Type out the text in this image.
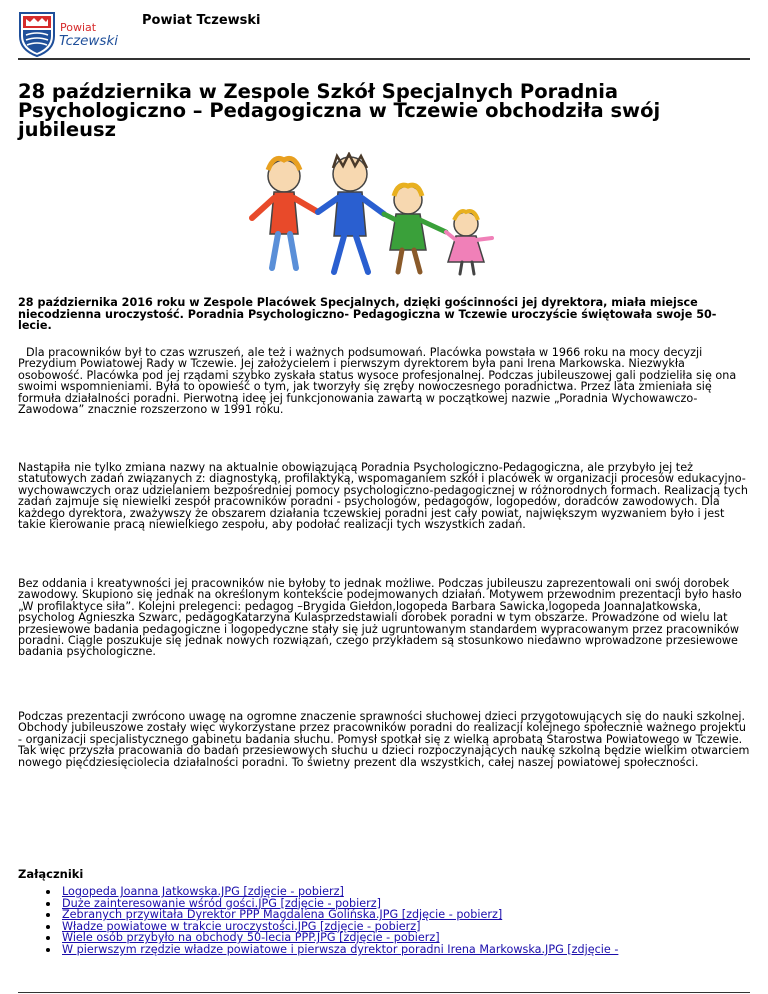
Powiat
Tczewski
Powiat Tczewski
28 października w Zespole Szkół Specjalnych Poradnia Psychologiczno – Pedagogiczna w Tczewie obchodziła swój jubileusz

28 października 2016 roku w Zespole Placówek Specjalnych, dzięki gościnności jej dyrektora, miała miejsce niecodzienna uroczystość. Poradnia Psychologiczno- Pedagogiczna w Tczewie uroczyście świętowała swoje 50-lecie.

Dla pracowników był to czas wzruszeń, ale też i ważnych podsumowań. Placówka powstała w 1966 roku na mocy decyzji Prezydium Powiatowej Rady w Tczewie. Jej założycielem i pierwszym dyrektorem była pani Irena Markowska. Niezwykła osobowość. Placówka pod jej rządami szybko zyskała status wysoce profesjonalnej. Podczas jubileuszowej gali podzieliła się ona swoimi wspomnieniami. Była to opowieść o tym, jak tworzyły się zręby nowoczesnego poradnictwa. Przez lata zmieniała się formuła działalności poradni. Pierwotną ideę jej funkcjonowania zawartą w początkowej nazwie „Poradnia Wychowawczo-Zawodowa” znacznie rozszerzono w 1991 roku.

Nastąpiła nie tylko zmiana nazwy na aktualnie obowiązującą Poradnia Psychologiczno-Pedagogiczna, ale przybyło jej też statutowych zadań związanych z: diagnostyką, profilaktyką, wspomaganiem szkół i placówek w organizacji procesów edukacyjno-wychowawczych oraz udzielaniem bezpośredniej pomocy psychologiczno-pedagogicznej w różnorodnych formach. Realizacją tych zadań zajmuje się niewielki zespół pracowników poradni - psychologów, pedagogów, logopedów, doradców zawodowych. Dla każdego dyrektora, zważywszy że obszarem działania tczewskiej poradni jest cały powiat, największym wyzwaniem było i jest takie kierowanie pracą niewielkiego zespołu, aby podołać realizacji tych wszystkich zadań.

Bez oddania i kreatywności jej pracowników nie byłoby to jednak możliwe. Podczas jubileuszu zaprezentowali oni swój dorobek zawodowy. Skupiono się jednak na określonym kontekście podejmowanych działań. Motywem przewodnim prezentacji było hasło „W profilaktyce siła”. Kolejni prelegenci: pedagog –Brygida Giełdon,logopeda Barbara Sawicka,logopeda JoannaJatkowska, psycholog Agnieszka Szwarc, pedagogKatarzyna Kulasprzedstawiali dorobek poradni w tym obszarze. Prowadzone od wielu lat przesiewowe badania pedagogiczne i logopedyczne stały się już ugruntowanym standardem wypracowanym przez pracowników poradni. Ciągle poszukuje się jednak nowych rozwiązań, czego przykładem są stosunkowo niedawno wprowadzone przesiewowe badania psychologiczne.

Podczas prezentacji zwrócono uwagę na ogromne znaczenie sprawności słuchowej dzieci przygotowujących się do nauki szkolnej. Obchody jubileuszowe zostały więc wykorzystane przez pracowników poradni do realizacji kolejnego społecznie ważnego projektu - organizacji specjalistycznego gabinetu badania słuchu. Pomysł spotkał się z wielką aprobatą Starostwa Powiatowego w Tczewie. Tak więc przyszła pracowania do badań przesiewowych słuchu u dzieci rozpoczynających naukę szkolną będzie wielkim otwarciem nowego pięćdziesięciolecia działalności poradni. To świetny prezent dla wszystkich, całej naszej powiatowej społeczności.

Załączniki
Logopeda Joanna Jatkowska.JPG [zdjęcie - pobierz]
Duże zainteresowanie wśród gości.JPG [zdjęcie - pobierz]
Zebranych przywitała Dyrektor PPP Magdalena Golińska.JPG [zdjęcie - pobierz]
Władze powiatowe w trakcie uroczystości.JPG [zdjęcie - pobierz]
Wiele osób przybyło na obchody 50-lecia PPP.JPG [zdjęcie - pobierz]
W pierwszym rzędzie władze powiatowe i pierwsza dyrektor poradni Irena Markowska.JPG [zdjęcie -
